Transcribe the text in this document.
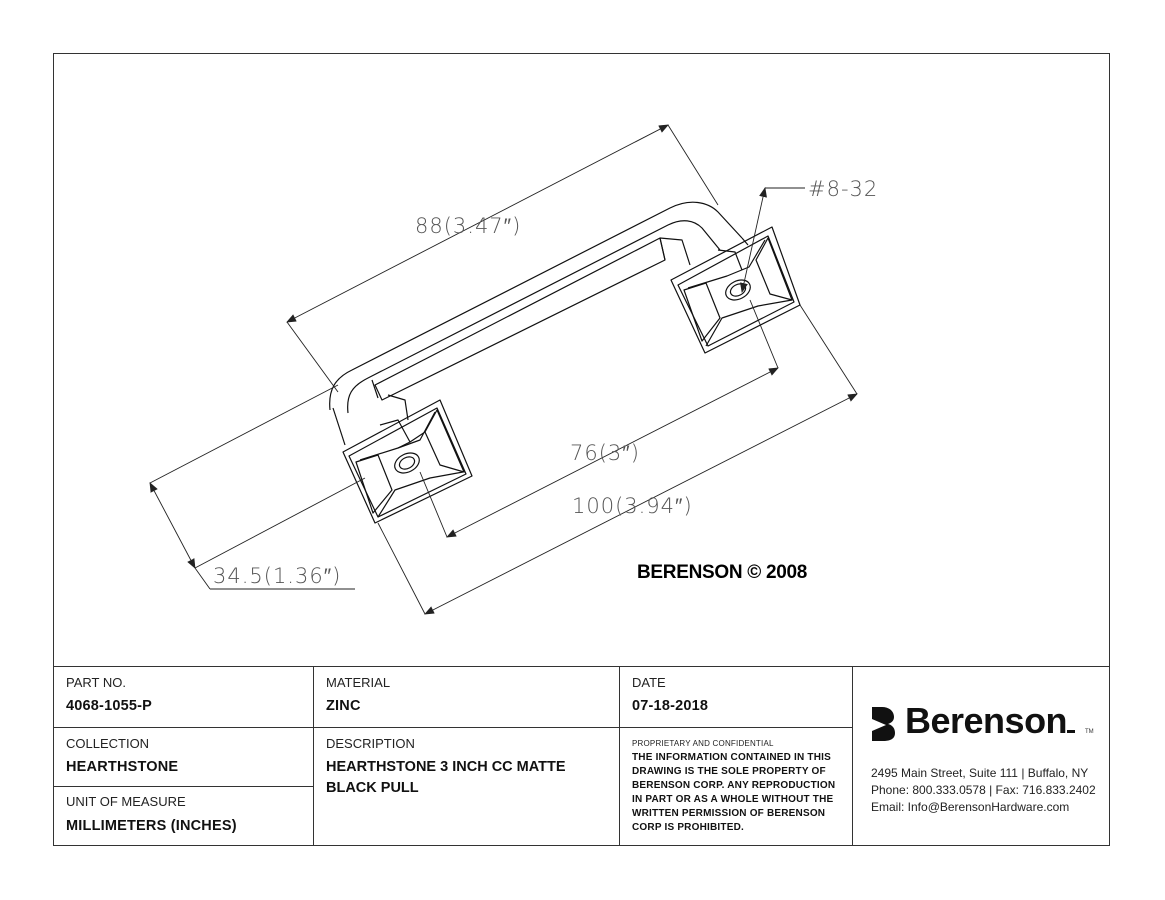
88(3.47″)
#8-32
76(3″)
100(3.94″)
34.5(1.36″)	BERENSON © 2008
PART NO.
4068-1055-P
MATERIAL
ZINC
DATE
07-18-2018
COLLECTION
HEARTHSTONE
DESCRIPTION
HEARTHSTONE 3 INCH CC MATTE BLACK PULL
UNIT OF MEASURE
MILLIMETERS (INCHES)
PROPRIETARY AND CONFIDENTIAL
THE INFORMATION CONTAINED IN THIS DRAWING IS THE SOLE PROPERTY OF BERENSON CORP. ANY REPRODUCTION IN PART OR AS A WHOLE WITHOUT THE WRITTEN PERMISSION OF BERENSON CORP IS PROHIBITED.
Berenson	TM
2495 Main Street, Suite 111 | Buffalo, NY
Phone: 800.333.0578 | Fax: 716.833.2402
Email: Info@BerensonHardware.com
